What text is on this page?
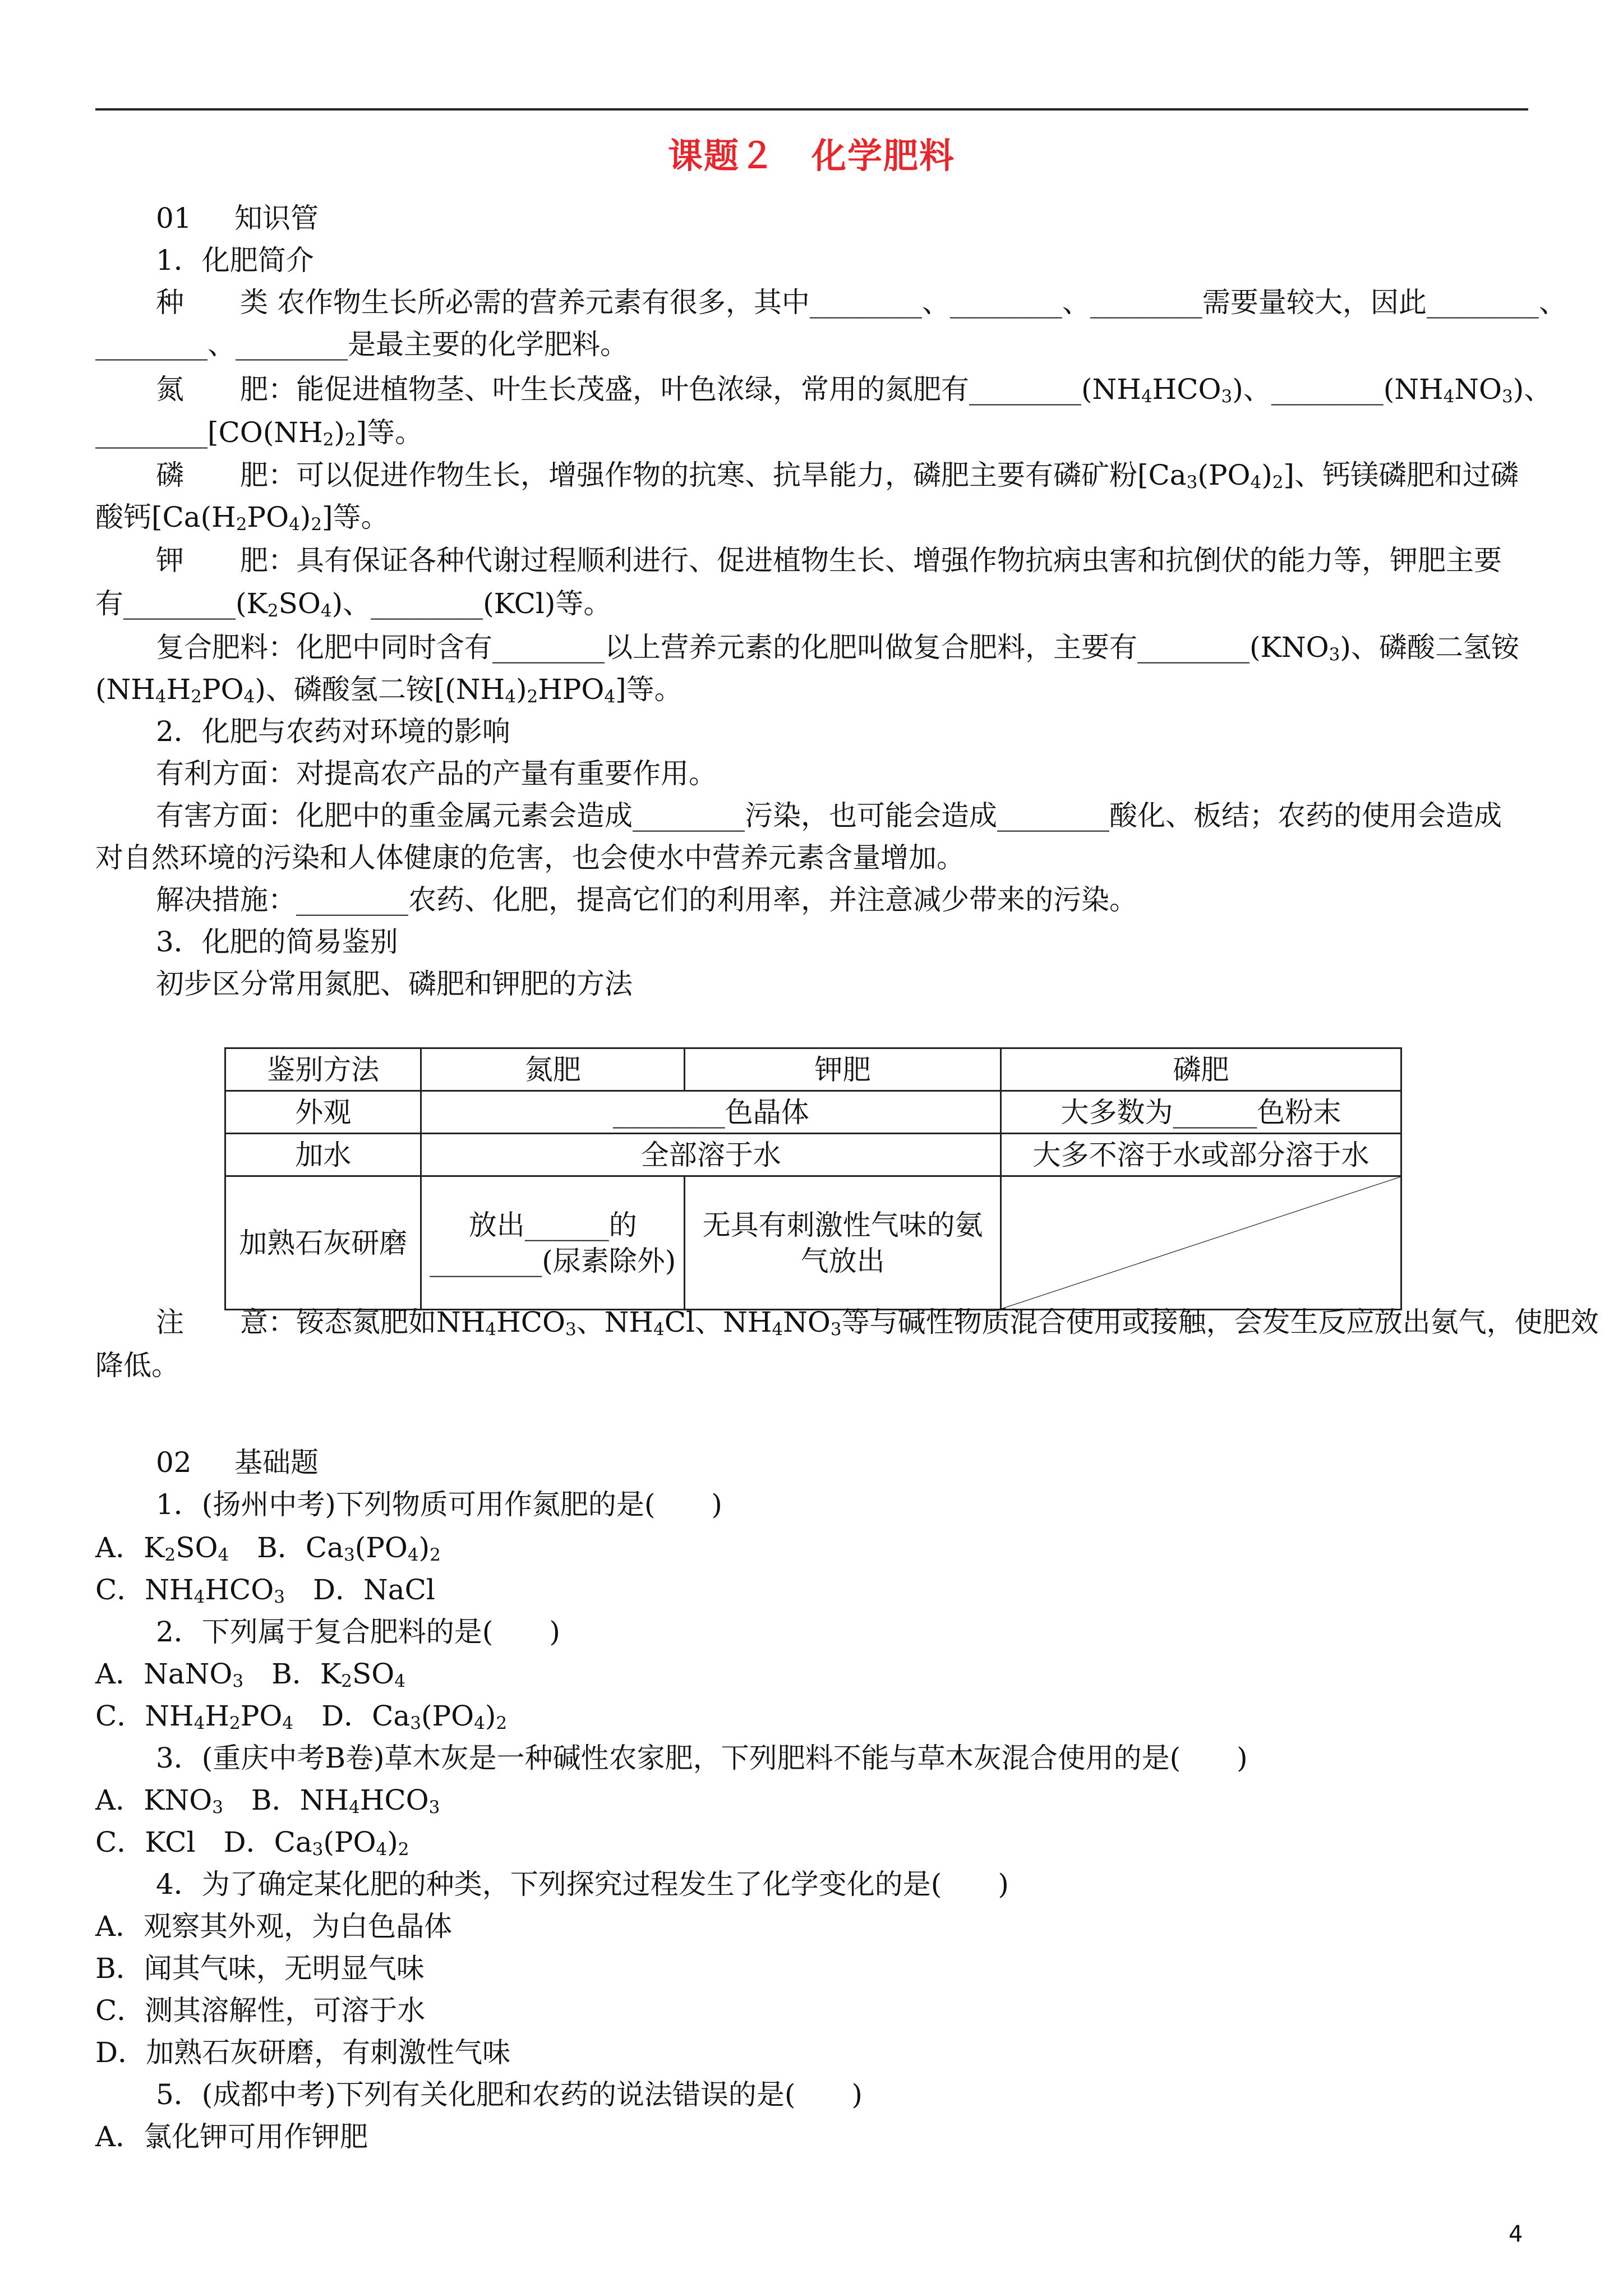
课题２　化学肥料
01 知识管
1．化肥简介
种　　类 农作物生长所必需的营养元素有很多，其中________、________、________需要量较大，因此________、
________、________是最主要的化学肥料。
氮　　肥：能促进植物茎、叶生长茂盛，叶色浓绿，常用的氮肥有$\_\_\_\_\_\_\_\_(NH_4HCO_3)$、$\_\_\_\_\_\_\_\_(NH_4NO_3)$、
$\_\_\_\_\_\_\_\_[CO(NH_2)_2]$等。
磷　　肥：可以促进作物生长，增强作物的抗寒、抗旱能力，磷肥主要有磷矿粉$[Ca_3(PO_4)_2]$、钙镁磷肥和过磷
酸钙$[Ca(H_2PO_4)_2]$等。
钾　　肥：具有保证各种代谢过程顺利进行、促进植物生长、增强作物抗病虫害和抗倒伏的能力等，钾肥主要
有$\_\_\_\_\_\_\_\_(K_2SO_4)$、________(KCl)等。
复合肥料：化肥中同时含有________以上营养元素的化肥叫做复合肥料，主要有$\_\_\_\_\_\_\_\_(KNO_3)$、磷酸二氢铵
$(NH_4H_2PO_4)$、磷酸氢二铵$[(NH_4)_2HPO_4]$等。
2．化肥与农药对环境的影响
有利方面：对提高农产品的产量有重要作用。
有害方面：化肥中的重金属元素会造成________污染，也可能会造成________酸化、板结；农药的使用会造成
对自然环境的污染和人体健康的危害，也会使水中营养元素含量增加。
解决措施：________农药、化肥，提高它们的利用率，并注意减少带来的污染。
3．化肥的简易鉴别
初步区分常用氮肥、磷肥和钾肥的方法
鉴别方法	氮肥	钾肥	磷肥
外观	________色晶体		大多数为______色粉末
加水	全部溶于水		大多不溶于水或部分溶于水
加熟石灰研磨	放出______的________(尿素除外)	无具有刺激性气味的氨气放出	
注　　意：铵态氮肥如$NH_4HCO_3$、$NH_4Cl$、$NH_4NO_3$等与碱性物质混合使用或接触，会发生反应放出氨气，使肥效
降低。
02 基础题
1．(扬州中考)下列物质可用作氮肥的是(　　)
A．$K_2SO_4$　B．$Ca_3(PO_4)_2$
C．$NH_4HCO_3$　D．NaCl
2．下列属于复合肥料的是(　　)
A．NaNO$_3$　B．$K_2SO_4$
C．$NH_4H_2PO_4$　D．$Ca_3(PO_4)_2$
3．(重庆中考B卷)草木灰是一种碱性农家肥，下列肥料不能与草木灰混合使用的是(　　)
A．$KNO_3$　B．$NH_4HCO_3$
C．KCl　D．$Ca_3(PO_4)_2$
4．为了确定某化肥的种类，下列探究过程发生了化学变化的是(　　)
A．观察其外观，为白色晶体
B．闻其气味，无明显气味
C．测其溶解性，可溶于水
D．加熟石灰研磨，有刺激性气味
5．(成都中考)下列有关化肥和农药的说法错误的是(　　)
A．氯化钾可用作钾肥
4
